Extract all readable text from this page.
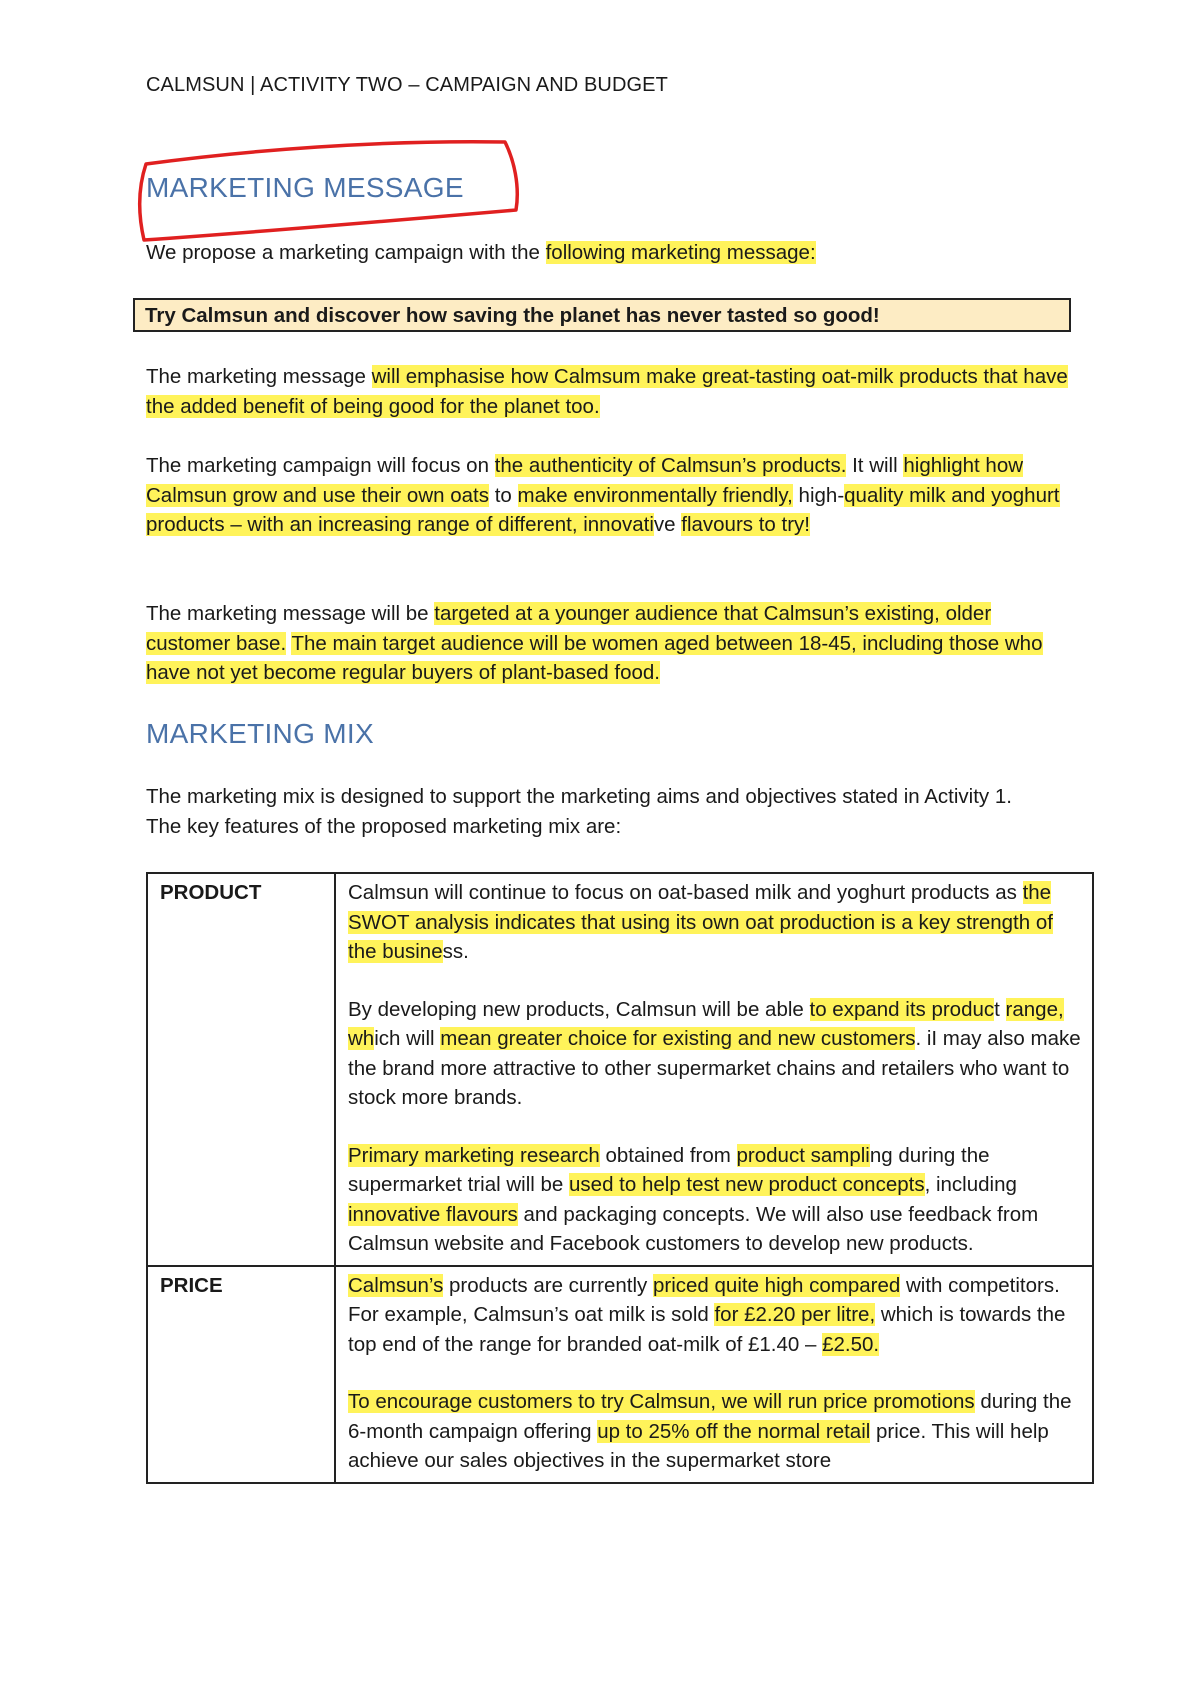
CALMSUN | ACTIVITY TWO – CAMPAIGN AND BUDGET
MARKETING MESSAGE
We propose a marketing campaign with the following marketing message:
Try Calmsun and discover how saving the planet has never tasted so good!
The marketing message will emphasise how Calmsum make great-tasting oat-milk products that have the added benefit of being good for the planet too.
The marketing campaign will focus on the authenticity of Calmsun’s products. It will highlight how Calmsun grow and use their own oats to make environmentally friendly, high-quality milk and yoghurt products – with an increasing range of different, innovative flavours to try!
The marketing message will be targeted at a younger audience that Calmsun’s existing, older customer base. The main target audience will be women aged between 18-45, including those who have not yet become regular buyers of plant-based food.
MARKETING MIX
The marketing mix is designed to support the marketing aims and objectives stated in Activity 1. The key features of the proposed marketing mix are:
PRODUCT	Calmsun will continue to focus on oat-based milk and yoghurt products as the SWOT analysis indicates that using its own oat production is a key strength of the business.

By developing new products, Calmsun will be able to expand its product range, which will mean greater choice for existing and new customers. iI may also make the brand more attractive to other supermarket chains and retailers who want to stock more brands.

Primary marketing research obtained from product sampling during the supermarket trial will be used to help test new product concepts, including innovative flavours and packaging concepts. We will also use feedback from Calmsun website and Facebook customers to develop new products.

PRICE	Calmsun’s products are currently priced quite high compared with competitors. For example, Calmsun’s oat milk is sold for £2.20 per litre, which is towards the top end of the range for branded oat-milk of £1.40 – £2.50.

To encourage customers to try Calmsun, we will run price promotions during the 6-month campaign offering up to 25% off the normal retail price. This will help achieve our sales objectives in the supermarket store
